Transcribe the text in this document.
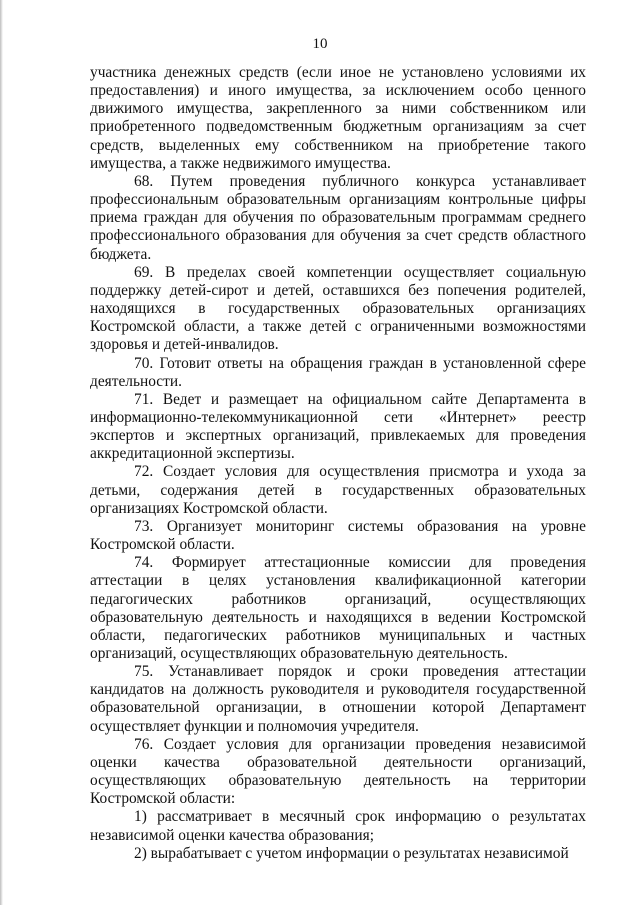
10

участника денежных средств (если иное не установлено условиями их предоставления) и иного имущества, за исключением особо ценного движимого имущества, закрепленного за ними собственником или приобретенного подведомственным бюджетным организациям за счет средств, выделенных ему собственником на приобретение такого имущества, а также недвижимого имущества.

68. Путем проведения публичного конкурса устанавливает профессиональным образовательным организациям контрольные цифры приема граждан для обучения по образовательным программам среднего профессионального образования для обучения за счет средств областного бюджета.

69. В пределах своей компетенции осуществляет социальную поддержку детей-сирот и детей, оставшихся без попечения родителей, находящихся в государственных образовательных организациях Костромской области, а также детей с ограниченными возможностями здоровья и детей-инвалидов.

70. Готовит ответы на обращения граждан в установленной сфере деятельности.

71. Ведет и размещает на официальном сайте Департамента в информационно-телекоммуникационной сети «Интернет» реестр экспертов и экспертных организаций, привлекаемых для проведения аккредитационной экспертизы.

72. Создает условия для осуществления присмотра и ухода за детьми, содержания детей в государственных образовательных организациях Костромской области.

73. Организует мониторинг системы образования на уровне Костромской области.

74. Формирует аттестационные комиссии для проведения аттестации в целях установления квалификационной категории педагогических работников организаций, осуществляющих образовательную деятельность и находящихся в ведении Костромской области, педагогических работников муниципальных и частных организаций, осуществляющих образовательную деятельность.

75. Устанавливает порядок и сроки проведения аттестации кандидатов на должность руководителя и руководителя государственной образовательной организации, в отношении которой Департамент осуществляет функции и полномочия учредителя.

76. Создает условия для организации проведения независимой оценки качества образовательной деятельности организаций, осуществляющих образовательную деятельность на территории Костромской области:

1) рассматривает в месячный срок информацию о результатах независимой оценки качества образования;

2) вырабатывает с учетом информации о результатах независимой
